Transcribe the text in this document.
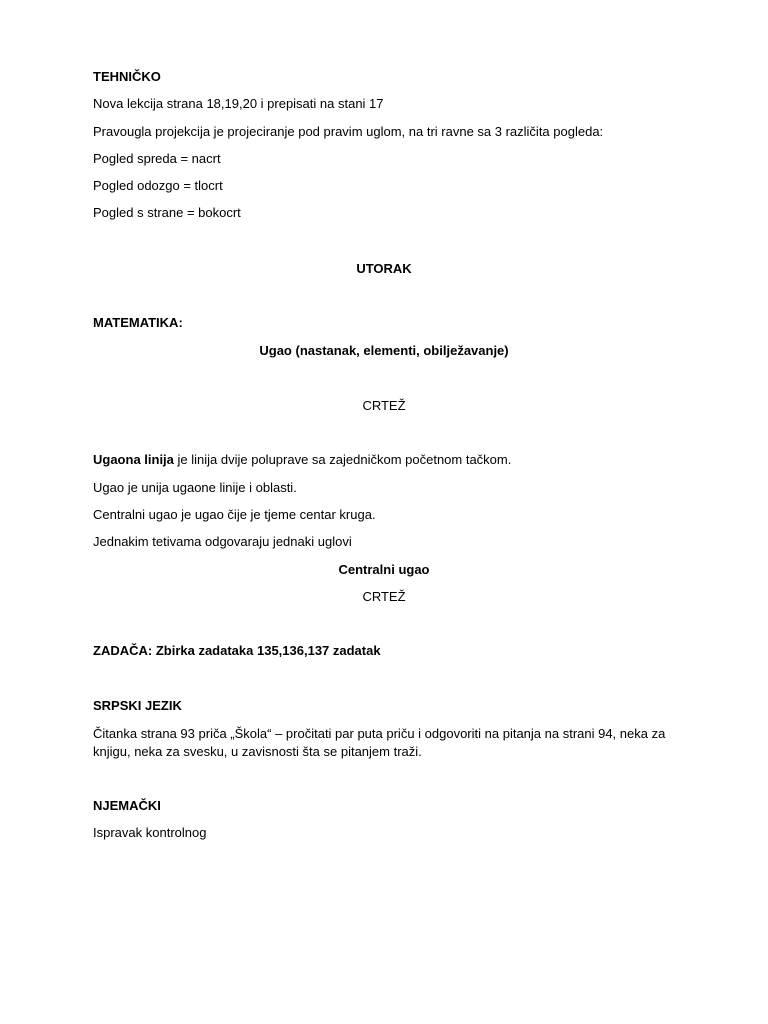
TEHNIČKO
Nova lekcija strana 18,19,20 i prepisati na stani 17
Pravougla projekcija je projeciranje pod pravim uglom, na tri ravne sa 3 različita pogleda:
Pogled spreda = nacrt
Pogled odozgo = tlocrt
Pogled s strane = bokocrt
UTORAK
MATEMATIKA:
Ugao (nastanak, elementi, obilježavanje)
CRTEŽ
Ugaona linija je linija dvije poluprave sa zajedničkom početnom tačkom.
Ugao je unija ugaone linije i oblasti.
Centralni ugao je ugao čije je tjeme centar kruga.
Jednakim tetivama odgovaraju jednaki uglovi
Centralni ugao
CRTEŽ
ZADAČA: Zbirka zadataka 135,136,137 zadatak
SRPSKI JEZIK
Čitanka strana 93 priča „Škola“ – pročitati par puta priču i odgovoriti na pitanja na strani 94, neka za knjigu, neka za svesku, u zavisnosti šta se pitanjem traži.
NJEMAČKI
Ispravak kontrolnog
